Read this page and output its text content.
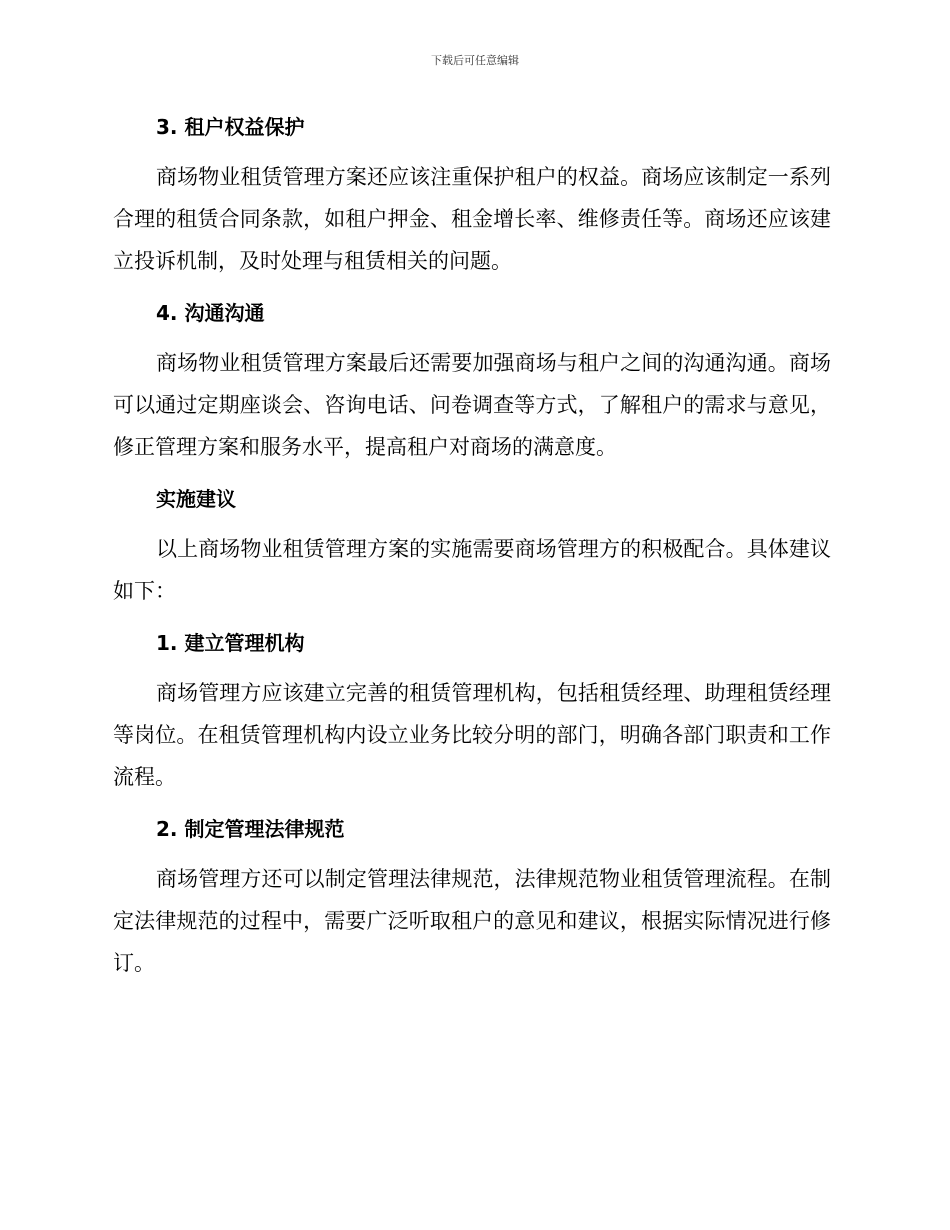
下载后可任意编辑
3. 租户权益保护

商场物业租赁管理方案还应该注重保护租户的权益。商场应该制定一系列合理的租赁合同条款，如租户押金、租金增长率、维修责任等。商场还应该建立投诉机制，及时处理与租赁相关的问题。

4. 沟通沟通

商场物业租赁管理方案最后还需要加强商场与租户之间的沟通沟通。商场可以通过定期座谈会、咨询电话、问卷调查等方式，了解租户的需求与意见，修正管理方案和服务水平，提高租户对商场的满意度。

实施建议

以上商场物业租赁管理方案的实施需要商场管理方的积极配合。具体建议如下：

1. 建立管理机构

商场管理方应该建立完善的租赁管理机构，包括租赁经理、助理租赁经理等岗位。在租赁管理机构内设立业务比较分明的部门，明确各部门职责和工作流程。

2. 制定管理法律规范

商场管理方还可以制定管理法律规范，法律规范物业租赁管理流程。在制定法律规范的过程中，需要广泛听取租户的意见和建议，根据实际情况进行修订。
